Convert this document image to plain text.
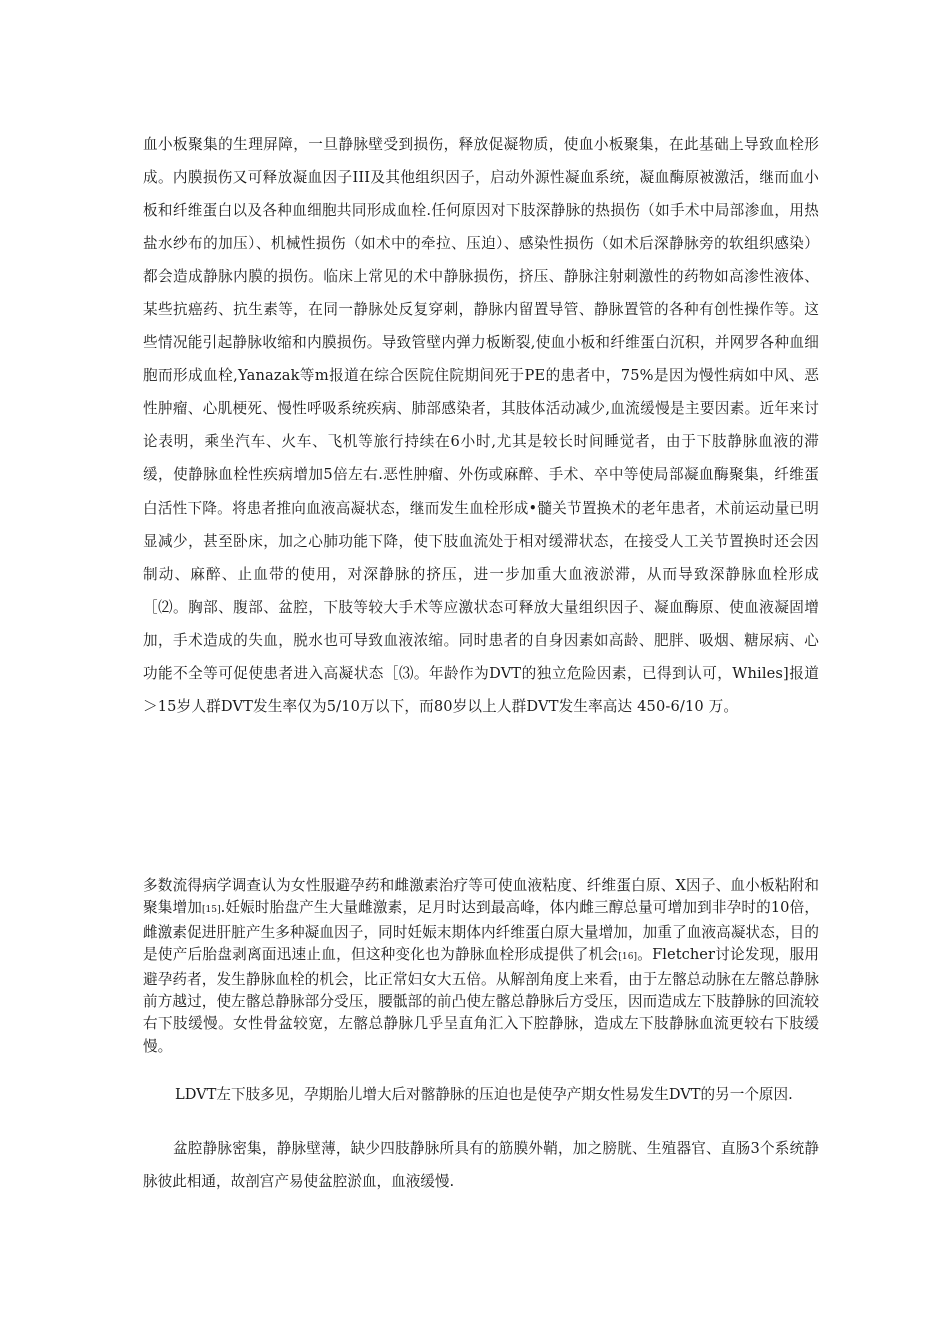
血小板聚集的生理屏障，一旦静脉壁受到损伤，释放促凝物质，使血小板聚集，在此基础上导致血栓形成。内膜损伤又可释放凝血因子III及其他组织因子，启动外源性凝血系统，凝血酶原被激活，继而血小板和纤维蛋白以及各种血细胞共同形成血栓.任何原因对下肢深静脉的热损伤（如手术中局部渗血，用热盐水纱布的加压）、机械性损伤（如术中的牵拉、压迫）、感染性损伤（如术后深静脉旁的软组织感染）都会造成静脉内膜的损伤。临床上常见的术中静脉损伤，挤压、静脉注射刺激性的药物如高渗性液体、某些抗癌药、抗生素等，在同一静脉处反复穿刺，静脉内留置导管、静脉置管的各种有创性操作等。这些情况能引起静脉收缩和内膜损伤。导致管壁内弹力板断裂,使血小板和纤维蛋白沉积，并网罗各种血细胞而形成血栓,Yanazak等m报道在综合医院住院期间死于PE的患者中，75%是因为慢性病如中风、恶性肿瘤、心肌梗死、慢性呼吸系统疾病、肺部感染者，其肢体活动减少,血流缓慢是主要因素。近年来讨论表明，乘坐汽车、火车、飞机等旅行持续在6小时,尤其是较长时间睡觉者，由于下肢静脉血液的滞缓，使静脉血栓性疾病增加5倍左右.恶性肿瘤、外伤或麻醉、手术、卒中等使局部凝血酶聚集，纤维蛋白活性下降。将患者推向血液高凝状态，继而发生血栓形成•髓关节置换术的老年患者，术前运动量已明显减少，甚至卧床，加之心肺功能下降，使下肢血流处于相对缓滞状态，在接受人工关节置换时还会因制动、麻醉、止血带的使用，对深静脉的挤压，进一步加重大血液淤滞，从而导致深静脉血栓形成［⑵。胸部、腹部、盆腔，下肢等较大手术等应激状态可释放大量组织因子、凝血酶原、使血液凝固增加，手术造成的失血，脱水也可导致血液浓缩。同时患者的自身因素如高龄、肥胖、吸烟、糖尿病、心功能不全等可促使患者进入高凝状态［⑶。年龄作为DVT的独立危险因素，已得到认可，Whiles]报道＞15岁人群DVT发生率仅为5/10万以下，而80岁以上人群DVT发生率高达 450-6/10 万。

多数流得病学调查认为女性服避孕药和雌激素治疗等可使血液粘度、纤维蛋白原、X因子、血小板粘附和聚集增加[15].妊娠时胎盘产生大量雌激素，足月时达到最高峰，体内雌三醇总量可增加到非孕时的10倍，雌激素促进肝脏产生多种凝血因子，同时妊娠末期体内纤维蛋白原大量增加，加重了血液高凝状态，目的是使产后胎盘剥离面迅速止血，但这种变化也为静脉血栓形成提供了机会[16]。Fletcher讨论发现，服用避孕药者，发生静脉血栓的机会，比正常妇女大五倍。从解剖角度上来看，由于左髂总动脉在左髂总静脉前方越过，使左髂总静脉部分受压，腰骶部的前凸使左髂总静脉后方受压，因而造成左下肢静脉的回流较右下肢缓慢。女性骨盆较宽，左髂总静脉几乎呈直角汇入下腔静脉，造成左下肢静脉血流更较右下肢缓慢。

LDVT左下肢多见，孕期胎儿增大后对髂静脉的压迫也是使孕产期女性易发生DVT的另一个原因.

盆腔静脉密集，静脉壁薄，缺少四肢静脉所具有的筋膜外鞘，加之膀胱、生殖器官、直肠3个系统静脉彼此相通，故剖宫产易使盆腔淤血，血液缓慢.
